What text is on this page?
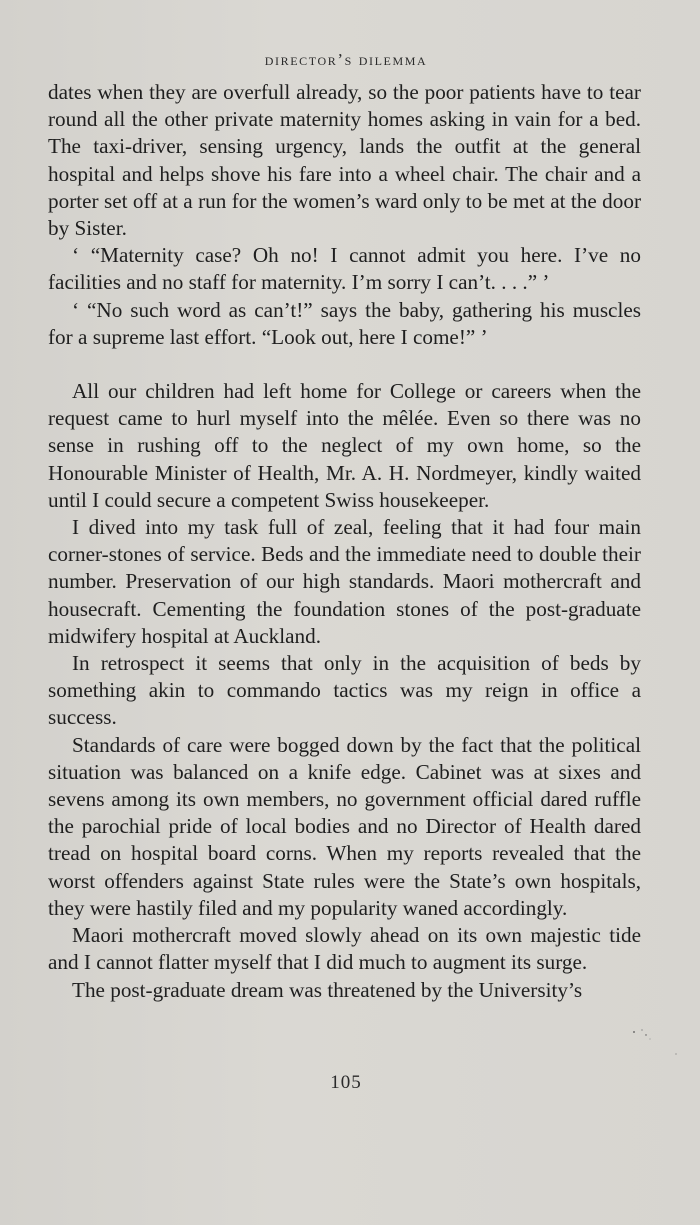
director’s dilemma

dates when they are overfull already, so the poor patients have to tear round all the other private maternity homes asking in vain for a bed. The taxi-driver, sensing urgency, lands the outfit at the general hospital and helps shove his fare into a wheel chair. The chair and a porter set off at a run for the women’s ward only to be met at the door by Sister.

‘ “Maternity case? Oh no! I cannot admit you here. I’ve no facilities and no staff for maternity. I’m sorry I can’t. . . .” ’

‘ “No such word as can’t!” says the baby, gathering his muscles for a supreme last effort. “Look out, here I come!” ’

All our children had left home for College or careers when the request came to hurl myself into the mêlée. Even so there was no sense in rushing off to the neglect of my own home, so the Honourable Minister of Health, Mr. A. H. Nordmeyer, kindly waited until I could secure a competent Swiss housekeeper.

I dived into my task full of zeal, feeling that it had four main corner-stones of service. Beds and the immediate need to double their number. Preservation of our high standards. Maori mothercraft and housecraft. Cementing the foundation stones of the post-graduate midwifery hospital at Auckland.

In retrospect it seems that only in the acquisition of beds by something akin to commando tactics was my reign in office a success.

Standards of care were bogged down by the fact that the political situation was balanced on a knife edge. Cabinet was at sixes and sevens among its own members, no government official dared ruffle the parochial pride of local bodies and no Director of Health dared tread on hospital board corns. When my reports revealed that the worst offenders against State rules were the State’s own hospitals, they were hastily filed and my popularity waned accordingly.

Maori mothercraft moved slowly ahead on its own majestic tide and I cannot flatter myself that I did much to augment its surge.

The post-graduate dream was threatened by the University’s

105
